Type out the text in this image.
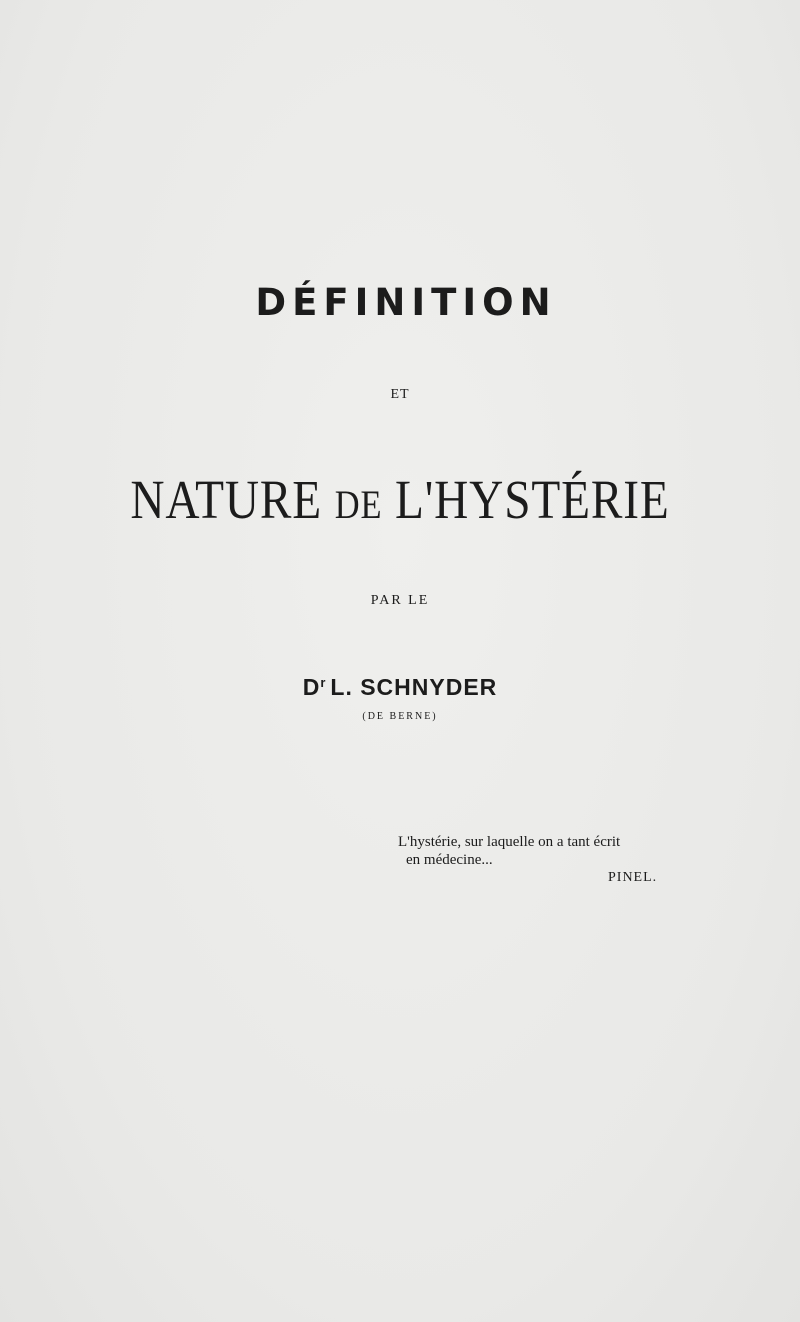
DÉFINITION
ET
NATURE DE L'HYSTÉRIE
PAR LE
$D^r$ L. SCHNYDER
(DE BERNE)
L'hystérie, sur laquelle on a tant écrit
en médecine...
PINEL.
